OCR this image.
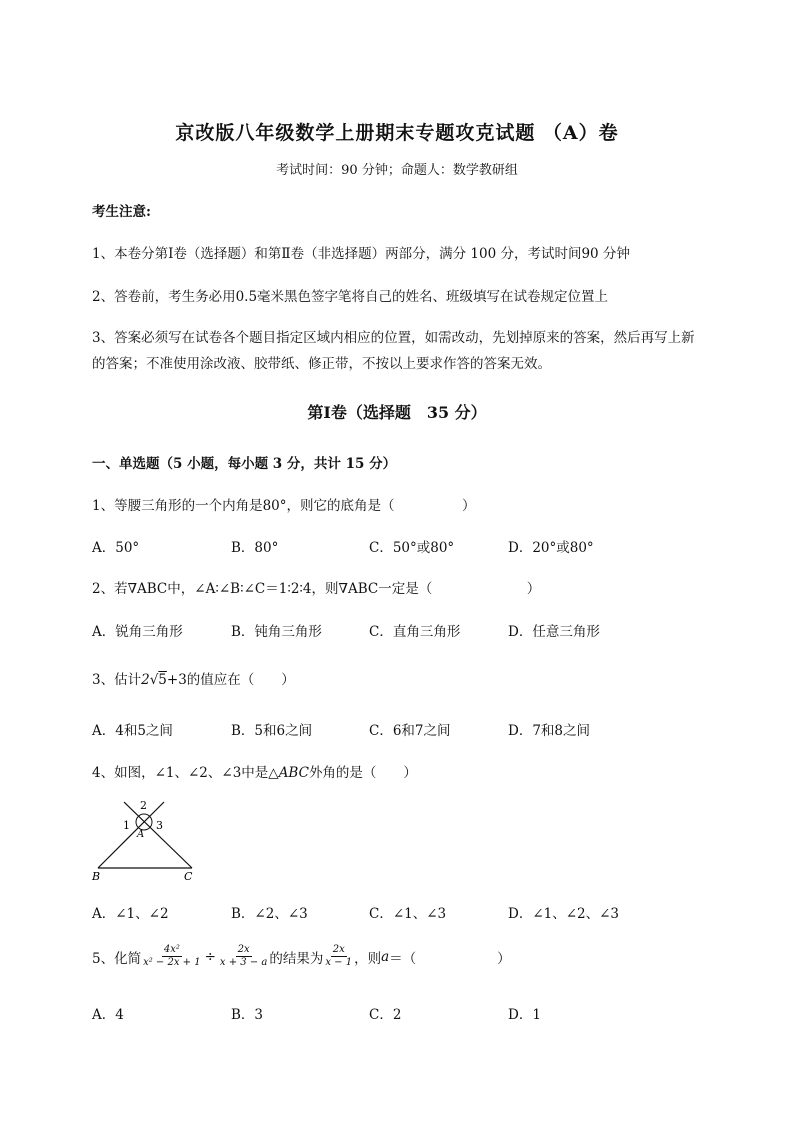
京改版八年级数学上册期末专题攻克试题 （A）卷
考试时间：90 分钟；命题人：数学教研组
考生注意:
1、本卷分第Ⅰ卷（选择题）和第Ⅱ卷（非选择题）两部分，满分 100 分，考试时间90 分钟
2、答卷前，考生务必用0.5毫米黑色签字笔将自己的姓名、班级填写在试卷规定位置上
3、答案必须写在试卷各个题目指定区域内相应的位置，如需改动，先划掉原来的答案，然后再写上新
的答案；不准使用涂改液、胶带纸、修正带，不按以上要求作答的答案无效。
第Ⅰ卷（选择题　35 分）
一、单选题（5 小题，每小题 3 分，共计 15 分）
1、等腰三角形的一个内角是80°，则它的底角是（　　　　　）
A．50°	B．80°	C．50°或80°	D．20°或80°
2、若∇ABC中，∠A∶∠B∶∠C＝1∶2∶4，则∇ABC一定是（　　　　　　　）
A．锐角三角形	B．钝角三角形	C．直角三角形	D．任意三角形
3、估计2√5+3的值应在（　　）
A．4和5之间	B．5和6之间	C．6和7之间	D．7和8之间
4、如图，∠1、∠2、∠3中是△ABC外角的是（　　）
2
1 3
A
B	C
A．∠1、∠2	B．∠2、∠3	C．∠1、∠3	D．∠1、∠2、∠3
5、化简 $\frac{\text{4x²}}{\text{x² − 2x + 1}} \div \frac{2x}{x + 3 - a}$ 的结果为 $\frac{2x}{x - 1}$ ，则 a ＝（　　　　　　）
A．4	B．3	C．2	D．1
